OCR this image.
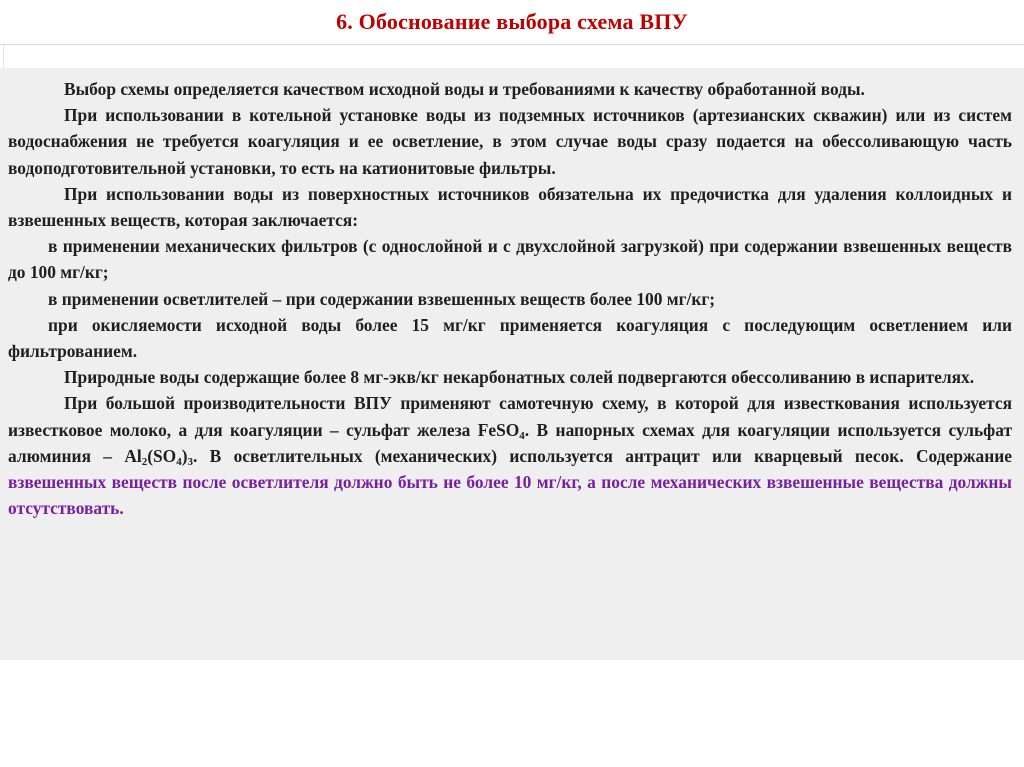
6. Обоснование выбора схема ВПУ

Выбор схемы определяется качеством исходной воды и требованиями к качеству обработанной воды.

При использовании в котельной установке воды из подземных источников (артезианских скважин) или из систем водоснабжения не требуется коагуляция и ее осветление, в этом случае воды сразу подается на обессоливающую часть водоподготовительной установки, то есть на катионитовые фильтры.

При использовании воды из поверхностных источников обязательна их предочистка для удаления коллоидных и взвешенных веществ, которая заключается:

в применении механических фильтров (с однослойной и с двухслойной загрузкой) при содержании взвешенных веществ до 100 мг/кг;

в применении осветлителей – при содержании взвешенных веществ более 100 мг/кг;

при окисляемости исходной воды более 15 мг/кг применяется коагуляция с последующим осветлением или фильтрованием.

Природные воды содержащие более 8 мг-экв/кг некарбонатных солей подвергаются обессоливанию в испарителях.

При большой производительности ВПУ применяют самотечную схему, в которой для известкования используется известковое молоко, а для коагуляции – сульфат железа FeSO$_4$. В напорных схемах для коагуляции используется сульфат алюминия – $Al_2(SO_4)_3$. В осветлительных (механических) используется антрацит или кварцевый песок. Содержание взвешенных веществ после осветлителя должно быть не более 10 мг/кг, а после механических взвешенные вещества должны отсутствовать.
